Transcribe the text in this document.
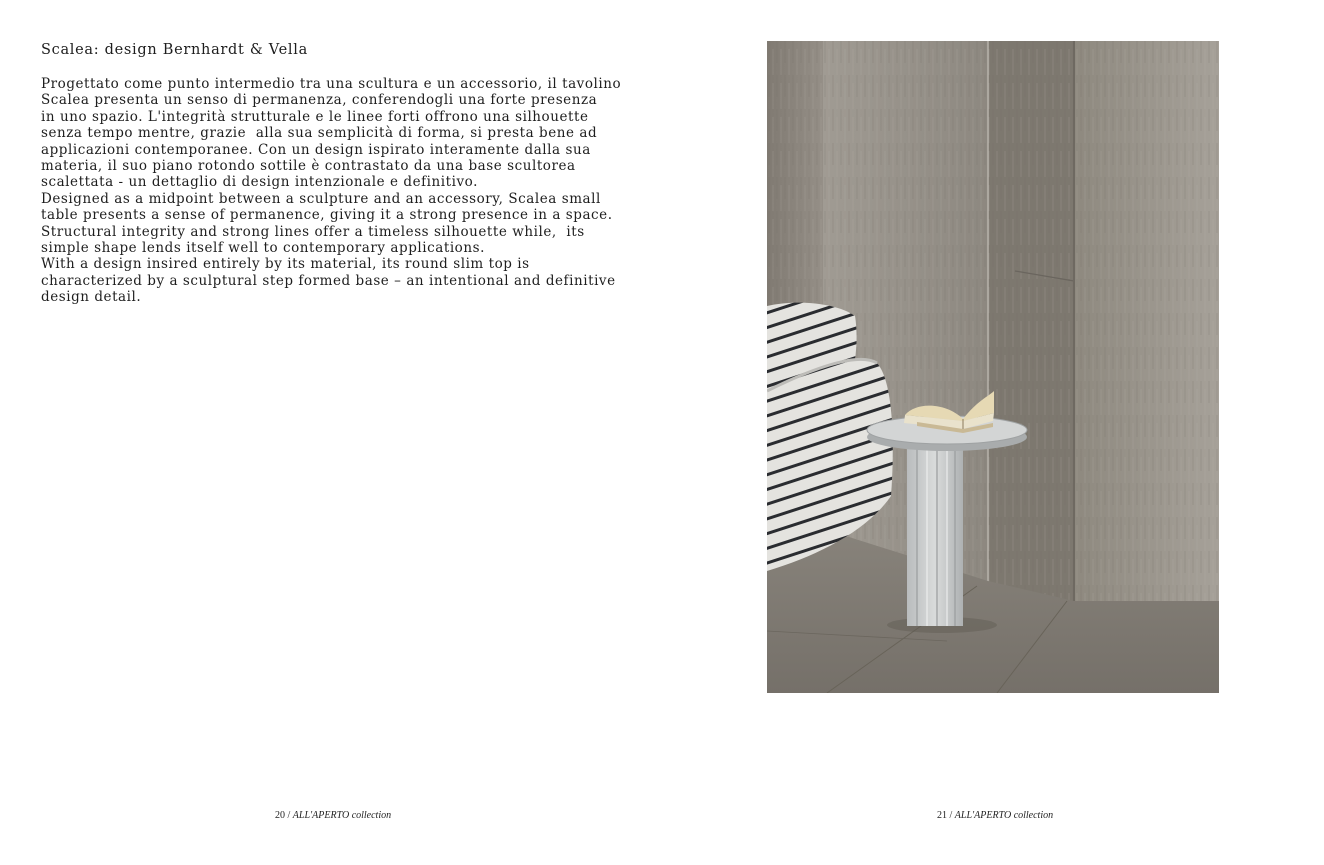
Scalea: design Bernhardt & Vella
Progettato come punto intermedio tra una scultura e un accessorio, il tavolino
Scalea presenta un senso di permanenza, conferendogli una forte presenza
in uno spazio. L'integrità strutturale e le linee forti offrono una silhouette
senza tempo mentre, grazie  alla sua semplicità di forma, si presta bene ad
applicazioni contemporanee. Con un design ispirato interamente dalla sua
materia, il suo piano rotondo sottile è contrastato da una base scultorea
scalettata - un dettaglio di design intenzionale e definitivo.
Designed as a midpoint between a sculpture and an accessory, Scalea small
table presents a sense of permanence, giving it a strong presence in a space.
Structural integrity and strong lines offer a timeless silhouette while,  its
simple shape lends itself well to contemporary applications.
With a design insired entirely by its material, its round slim top is
characterized by a sculptural step formed base – an intentional and definitive
design detail.
20 / ALL'APERTO collection	21 / ALL'APERTO collection
